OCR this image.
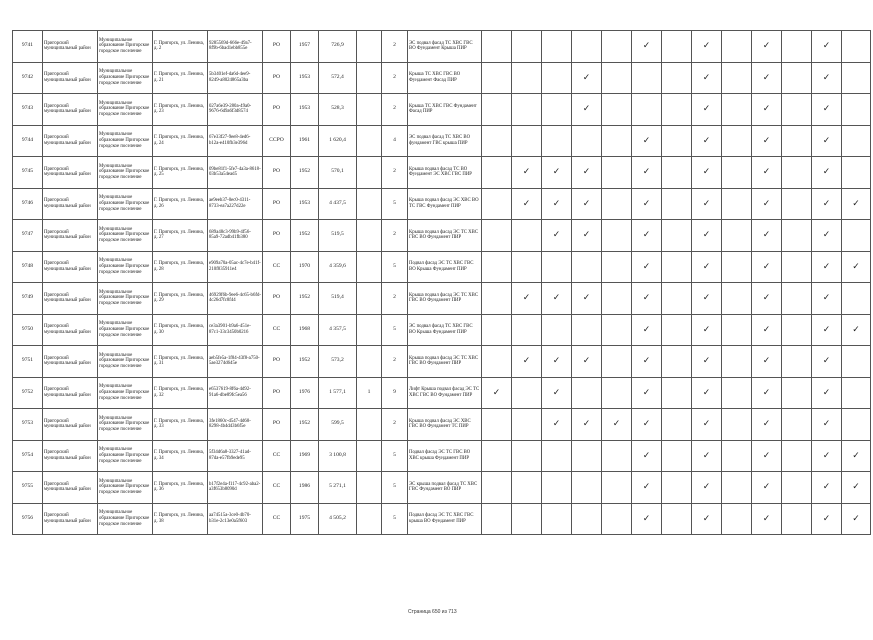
9741	Пригорский муниципальный район	Муниципальное образование Пригорское городское поселение	Г. Пригорск, ул. Ленина, д. 2	9285569d-666e-49a7-8f9b-6bad1ebb855e	РО	1957	726,9		2	ЭС подвал фасад ТС ХВС ГВС ВО Фундамент Крыша ПИР						✓		✓		✓		✓	
9742	Пригорский муниципальный район	Муниципальное образование Пригорское городское поселение	Г. Пригорск, ул. Ленина, д. 21	5b3401ef-da6d-4ee9-8249-a8024865a3ba	РО	1953	572,4		2	Крыша ТС ХВС ГВС ВО Фундамент Фасад ПИР				✓				✓		✓		✓	
9743	Пригорский муниципальный район	Муниципальное образование Пригорское городское поселение	Г. Пригорск, ул. Ленина, д. 23	027a6e39-280a-49a0-9676-6d9a6f3d8574	РО	1953	528,3		2	Крыша ТС ХВС ГВС Фундамент Фасад ПИР				✓				✓		✓		✓	
9744	Пригорский муниципальный район	Муниципальное образование Пригорское городское поселение	Г. Пригорск, ул. Ленина, д. 24	67e33f27-9ee8-4ed6-b12a-e410fb3e396d	ССРО	1961	1 620,4		4	ЭС подвал фасад ТС ХВС ВО фундамент ГВС крыша ПИР						✓		✓		✓		✓	
9745	Пригорский муниципальный район	Муниципальное образование Пригорское городское поселение	Г. Пригорск, ул. Ленина, д. 25	09be81f1-5fe7-4a3a-8618-03b53a54ead5	РО	1952	570,1		2	Крыша подвал фасад ТС ВО Фундамент ЭС ХВС ГВС ПИР		✓	✓	✓		✓		✓		✓		✓	
9746	Пригорский муниципальный район	Муниципальное образование Пригорское городское поселение	Г. Пригорск, ул. Ленина, д. 26	ae9eeb37-0ec0-4311-8733-ea7a227d22e	РО	1953	4 437,5		5	Крыша подвал фасад ЭС ХВС ВО ТС ГВС Фундамент ПИР		✓	✓	✓		✓		✓		✓		✓	✓
9747	Пригорский муниципальный район	Муниципальное образование Пригорское городское поселение	Г. Пригорск, ул. Ленина, д. 27	689a48c3-99b9-4f56-85a9-72adb41fb380	РО	1952	519,5		2	Крыша подвал фасад ЭС ТС ХВС ГВС ВО Фундамент ПИР			✓	✓		✓		✓		✓		✓	
9748	Пригорский муниципальный район	Муниципальное образование Пригорское городское поселение	Г. Пригорск, ул. Ленина, д. 28	e909a70a-05ac-4c7e-b41f-210f835911e4	СС	1970	4 359,6		5	Подвал фасад ЭС ТС ХВС ГВС ВО Крыша Фундамент ПИР						✓		✓		✓		✓	✓
9749	Пригорский муниципальный район	Муниципальное образование Пригорское городское поселение	Г. Пригорск, ул. Ленина, д. 29	46929f6b-9ee6-4c65-b6fd-4c26d7fc8f44	РО	1952	519,4		2	Крыша подвал фасад ЭС ТС ХВС ГВС ВО Фундамент ПИР		✓	✓	✓		✓		✓		✓		✓	
9750	Пригорский муниципальный район	Муниципальное образование Пригорское городское поселение	Г. Пригорск, ул. Ленина, д. 30	ce3a3901-b9a6-451e-87c1-33c3450b0216	СС	1968	4 357,5		5	ЭС подвал фасад ТС ХВС ГВС ВО Крыша Фундамент ПИР						✓		✓		✓		✓	✓
9751	Пригорский муниципальный район	Муниципальное образование Пригорское городское поселение	Г. Пригорск, ул. Ленина, д. 31	aeb5fe5a-1f84-43f8-a750-5ae3274d645e	РО	1952	573,2		2	Крыша подвал фасад ЭС ТС ХВС ГВС ВО Фундамент ПИР		✓	✓	✓		✓		✓		✓		✓	
9752	Пригорский муниципальный район	Муниципальное образование Пригорское городское поселение	Г. Пригорск, ул. Ленина, д. 32	e6537619-8f6a-4d92-91a6-dbe89fc5ea56	РО	1976	1 577,1	1	9	Лифт Крыша подвал фасад ЭС ТС ХВС ГВС ВО Фундамент ПИР	✓		✓			✓		✓		✓		✓	
9753	Пригорский муниципальный район	Муниципальное образование Пригорское городское поселение	Г. Пригорск, ул. Ленина, д. 33	3fe1860c-d547-4d68-8298-4b4d43b6f5e	РО	1952	599,5		2	Крыша подвал фасад ЭС ХВС ГВС ВО Фундамент ТС ПИР			✓	✓	✓	✓		✓		✓		✓	
9754	Пригорский муниципальный район	Муниципальное образование Пригорское городское поселение	Г. Пригорск, ул. Ленина, д. 34	5f34d6a8-3327-41ad-87da-e57fb9ede95	СС	1969	3 100,8		5	Подвал фасад ЭС ТС ГВС ВО ХВС крыша Фундамент ПИР						✓		✓		✓		✓	✓
9755	Пригорский муниципальный район	Муниципальное образование Пригорское городское поселение	Г. Пригорск, ул. Ленина, д. 36	b17f2e4a-f117-4c92-aba2-a3f653b8090d	СС	1986	5 271,1		5	ЭС крыша подвал фасад ТС ХВС ГВС Фундамент ВО ПИР						✓		✓		✓		✓	✓
9756	Пригорский муниципальный район	Муниципальное образование Пригорское городское поселение	Г. Пригорск, ул. Ленина, д. 38	aa74515a-3ce0-4b70-b31e-2c13e0a5f603	СС	1975	4 505,2		5	Подвал фасад ЭС ТС ХВС ГВС крыша ВО Фундамент ПИР						✓		✓		✓		✓	✓
Страница 650 из 713
